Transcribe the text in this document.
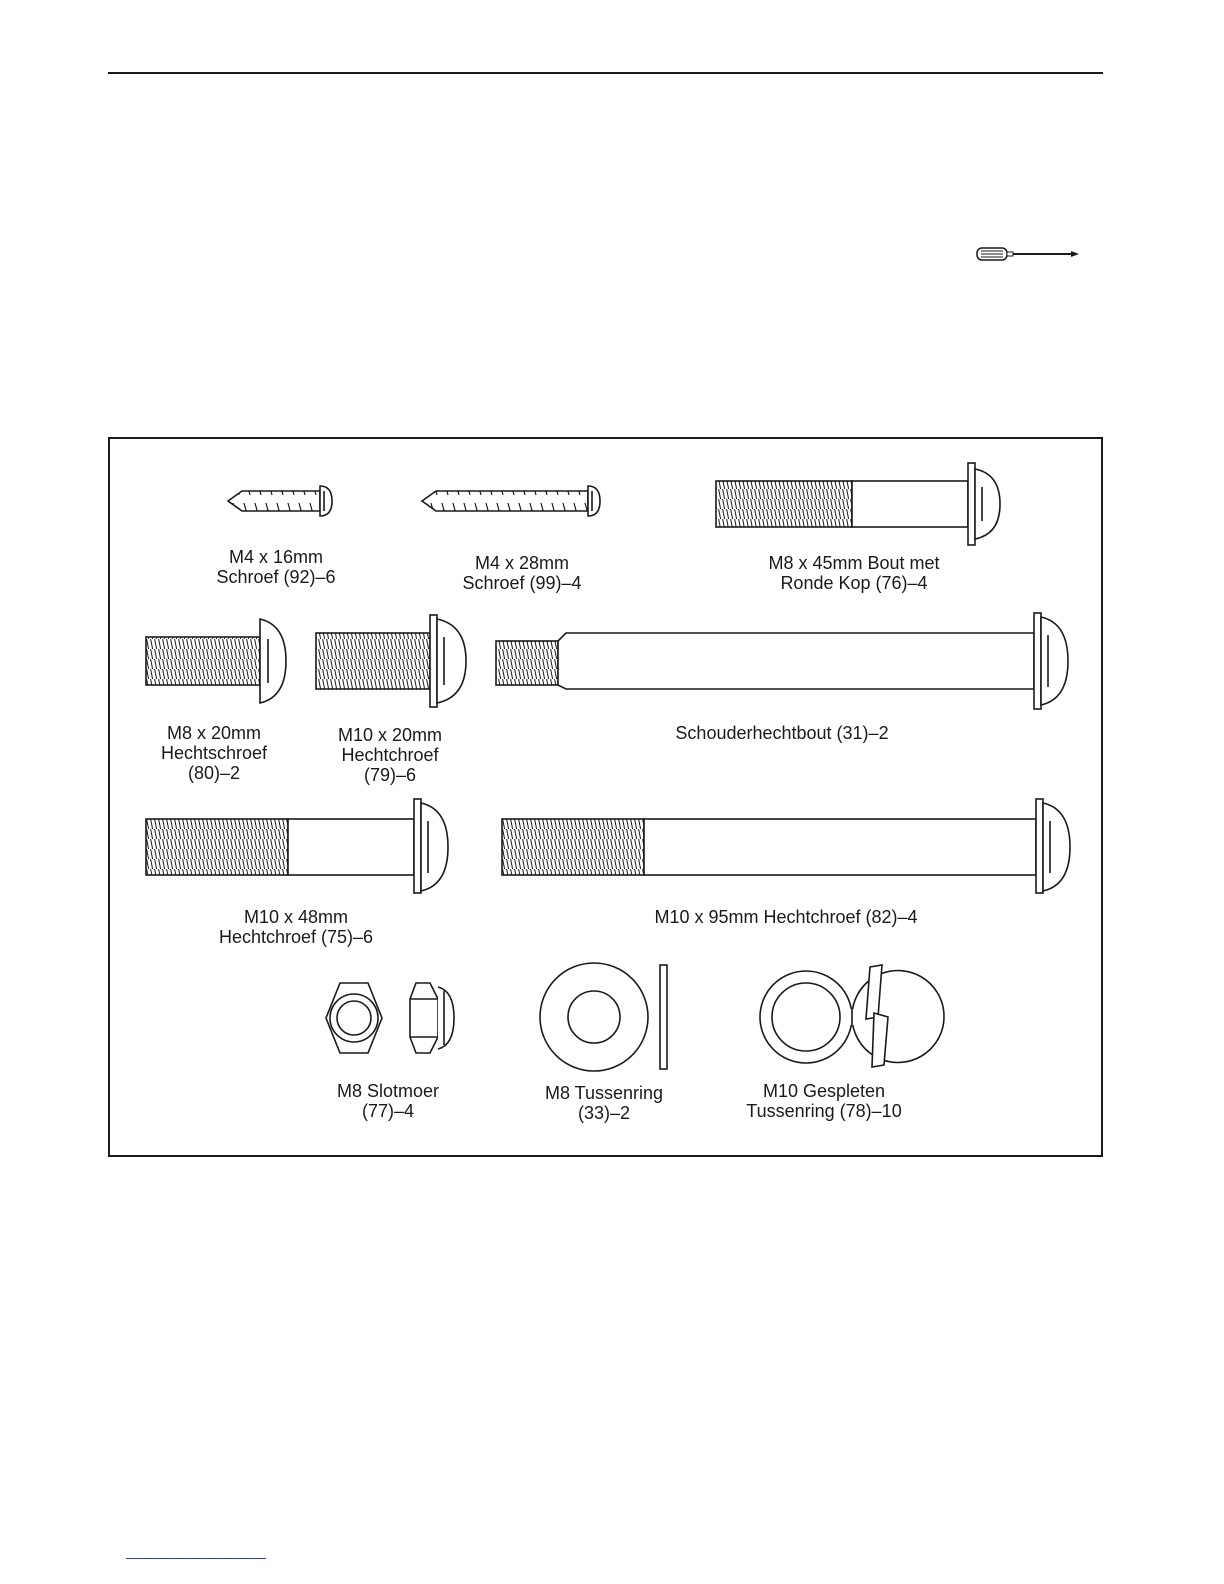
M4 x 16mm
Schroef (92)–6
M4 x 28mm
Schroef (99)–4
M8 x 45mm Bout met
Ronde Kop (76)–4
M8 x 20mm
Hechtschroef
(80)–2
M10 x 20mm
Hechtchroef
(79)–6
Schouderhechtbout (31)–2
M10 x 48mm
Hechtchroef (75)–6
M10 x 95mm Hechtchroef (82)–4
M8 Slotmoer
(77)–4
M8 Tussenring
(33)–2
M10 Gespleten
Tussenring (78)–10
